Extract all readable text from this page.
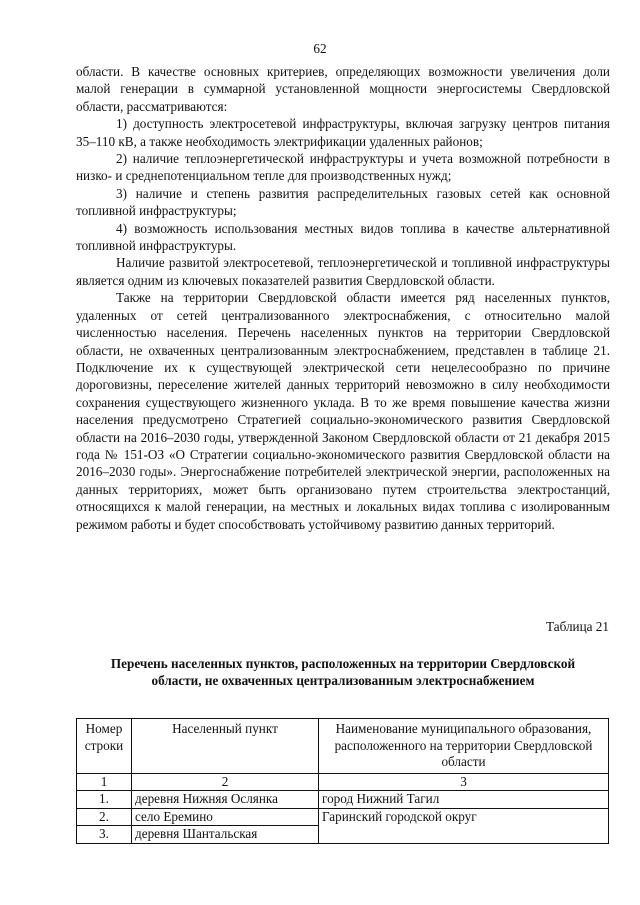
62

области. В качестве основных критериев, определяющих возможности увеличения доли малой генерации в суммарной установленной мощности энергосистемы Свердловской области, рассматриваются:

1) доступность электросетевой инфраструктуры, включая загрузку центров питания 35–110 кВ, а также необходимость электрификации удаленных районов;

2) наличие теплоэнергетической инфраструктуры и учета возможной потребности в низко- и среднепотенциальном тепле для производственных нужд;

3) наличие и степень развития распределительных газовых сетей как основной топливной инфраструктуры;

4) возможность использования местных видов топлива в качестве альтернативной топливной инфраструктуры.

Наличие развитой электросетевой, теплоэнергетической и топливной инфраструктуры является одним из ключевых показателей развития Свердловской области.

Также на территории Свердловской области имеется ряд населенных пунктов, удаленных от сетей централизованного электроснабжения, с относительно малой численностью населения. Перечень населенных пунктов на территории Свердловской области, не охваченных централизованным электроснабжением, представлен в таблице 21. Подключение их к существующей электрической сети нецелесообразно по причине дороговизны, переселение жителей данных территорий невозможно в силу необходимости сохранения существующего жизненного уклада. В то же время повышение качества жизни населения предусмотрено Стратегией социально-экономического развития Свердловской области на 2016–2030 годы, утвержденной Законом Свердловской области от 21 декабря 2015 года № 151-ОЗ «О Стратегии социально-экономического развития Свердловской области на 2016–2030 годы». Энергоснабжение потребителей электрической энергии, расположенных на данных территориях, может быть организовано путем строительства электростанций, относящихся к малой генерации, на местных и локальных видах топлива с изолированным режимом работы и будет способствовать устойчивому развитию данных территорий.

Таблица 21
Перечень населенных пунктов, расположенных на территории Свердловской области, не охваченных централизованным электроснабжением
Номер строки	Населенный пункт	Наименование муниципального образования, расположенного на территории Свердловской области
1	2	3
1.	деревня Нижняя Ослянка	город Нижний Тагил
2.	село Еремино	Гаринский городской округ
3.	деревня Шантальская	
